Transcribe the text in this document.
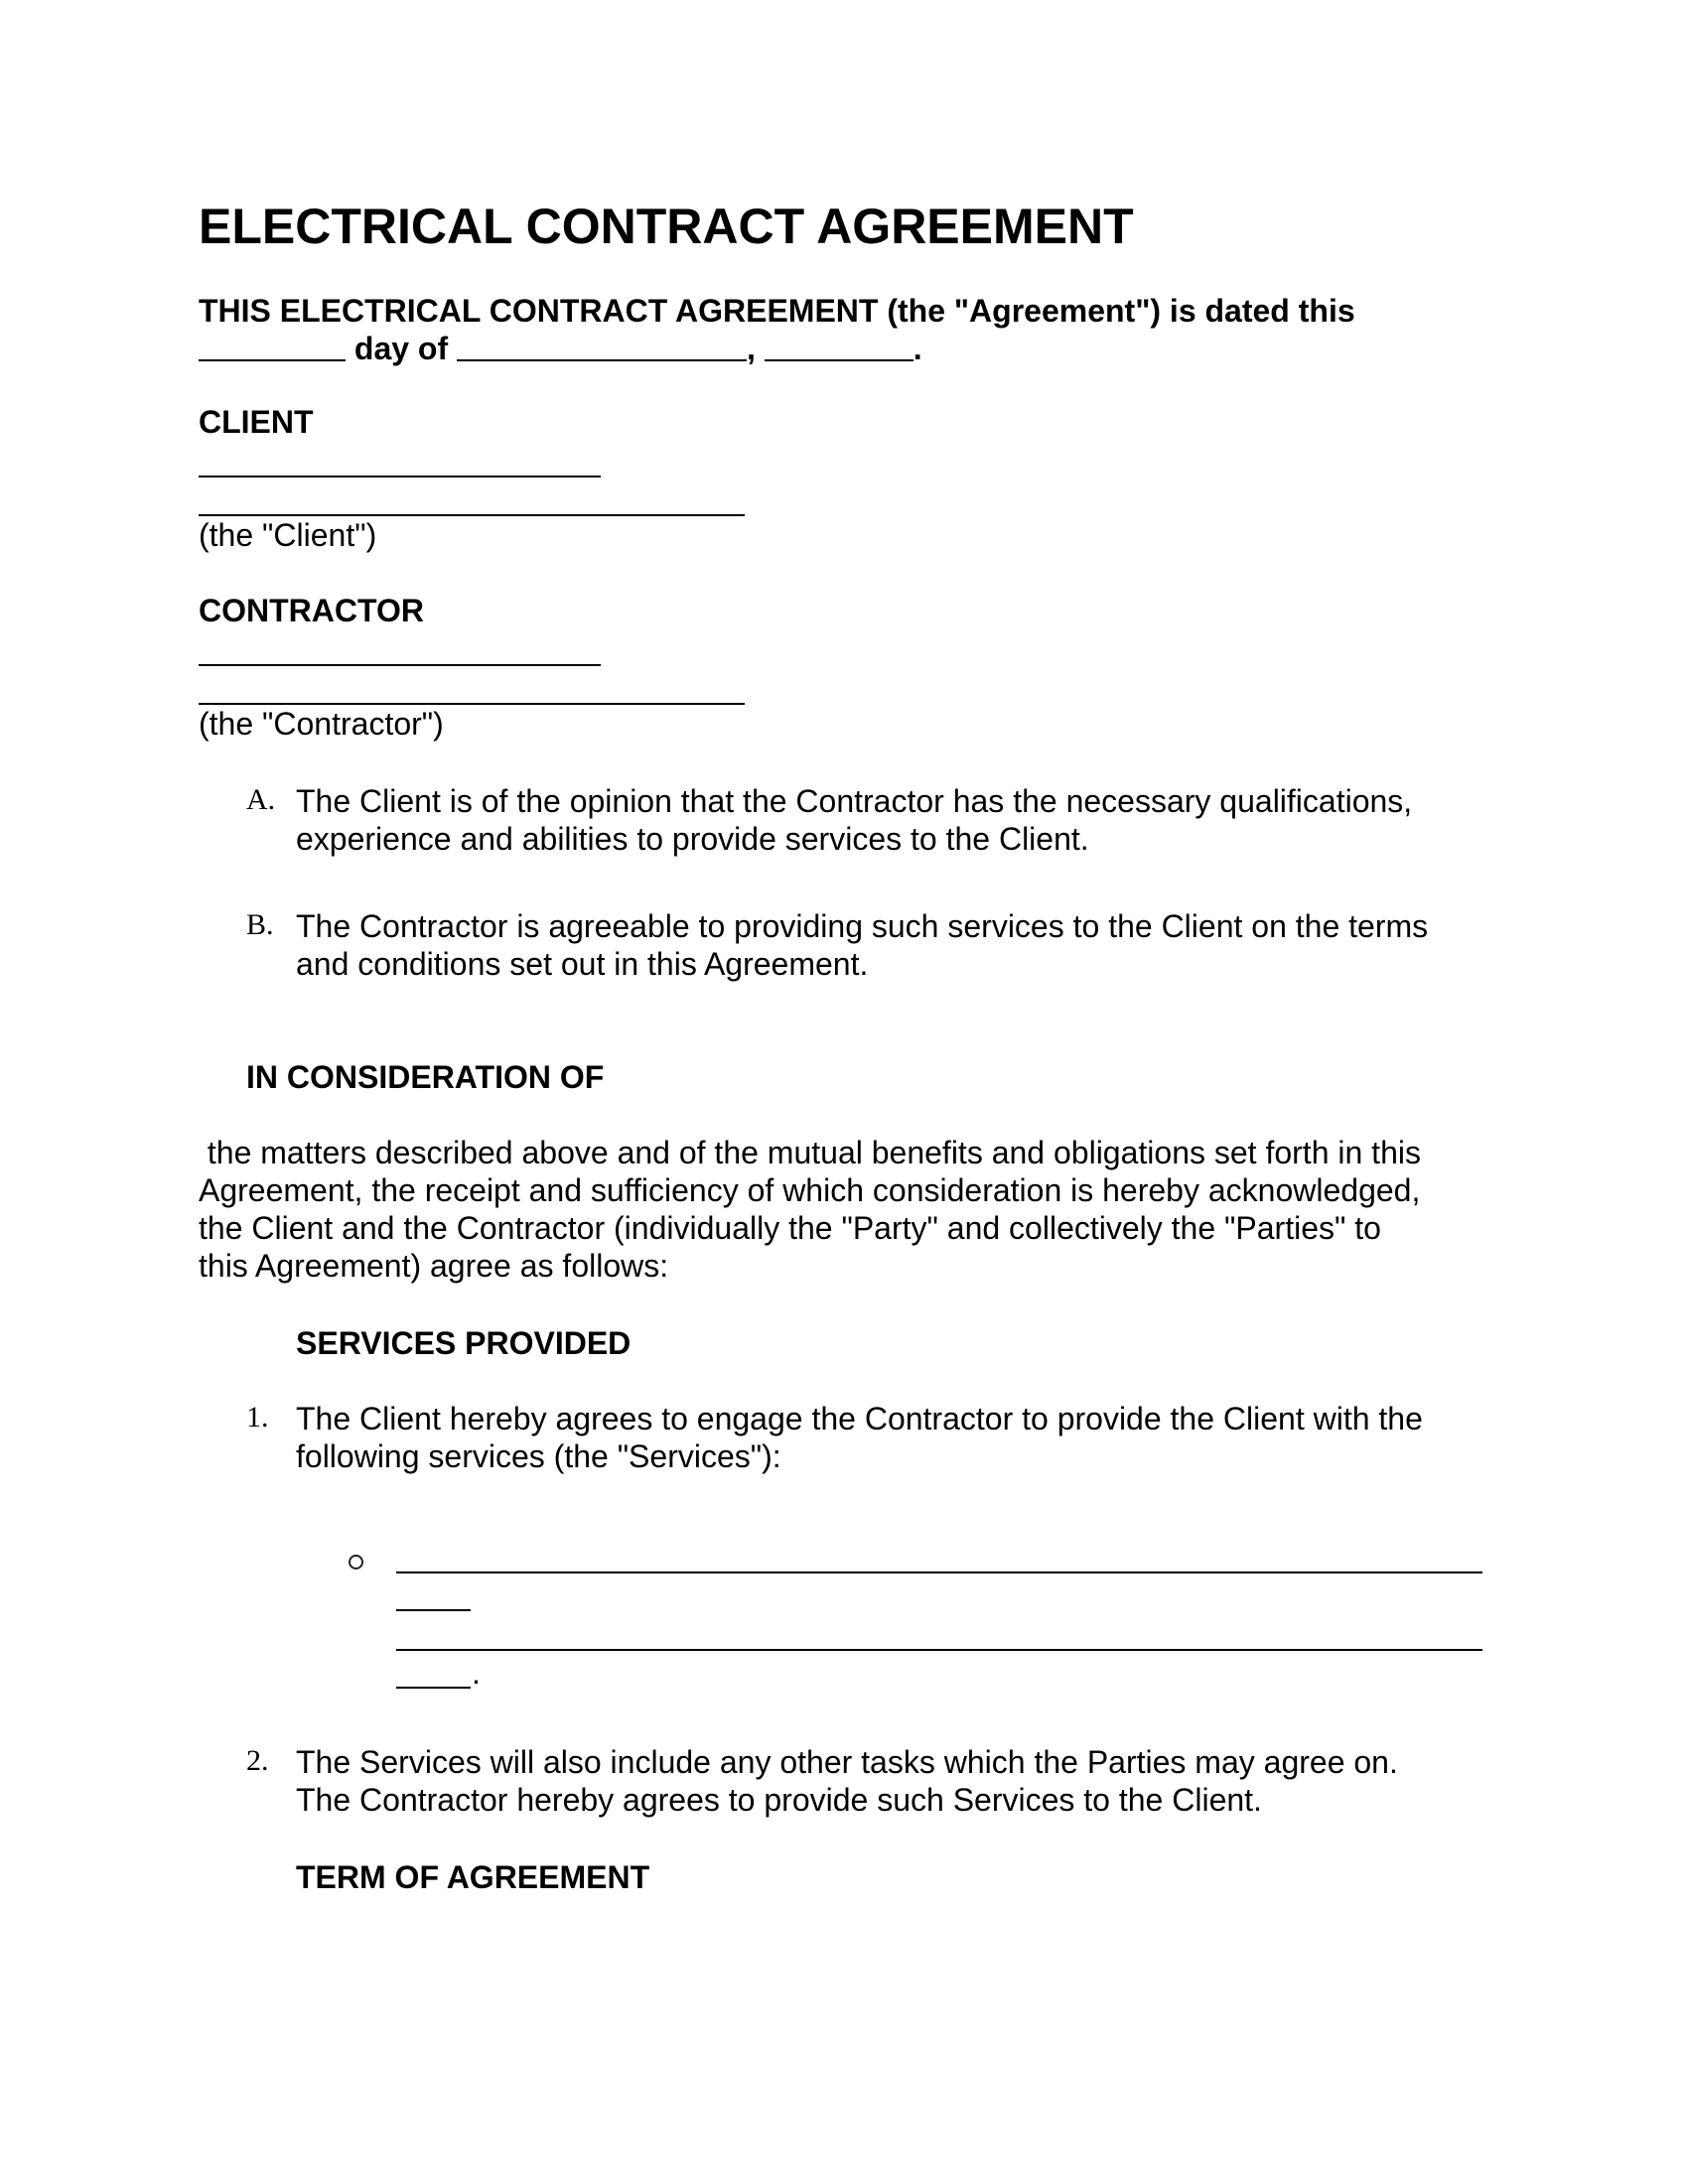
ELECTRICAL CONTRACT AGREEMENT
THIS ELECTRICAL CONTRACT AGREEMENT (the "Agreement") is dated this
day of	,	.
CLIENT
(the "Client")
CONTRACTOR
(the "Contractor")
A. The Client is of the opinion that the Contractor has the necessary qualifications,
experience and abilities to provide services to the Client.
B. The Contractor is agreeable to providing such services to the Client on the terms
and conditions set out in this Agreement.
IN CONSIDERATION OF
the matters described above and of the mutual benefits and obligations set forth in this
Agreement, the receipt and sufficiency of which consideration is hereby acknowledged,
the Client and the Contractor (individually the "Party" and collectively the "Parties" to
this Agreement) agree as follows:
SERVICES PROVIDED
1. The Client hereby agrees to engage the Contractor to provide the Client with the
following services (the "Services"):
.
2. The Services will also include any other tasks which the Parties may agree on.
The Contractor hereby agrees to provide such Services to the Client.
TERM OF AGREEMENT
